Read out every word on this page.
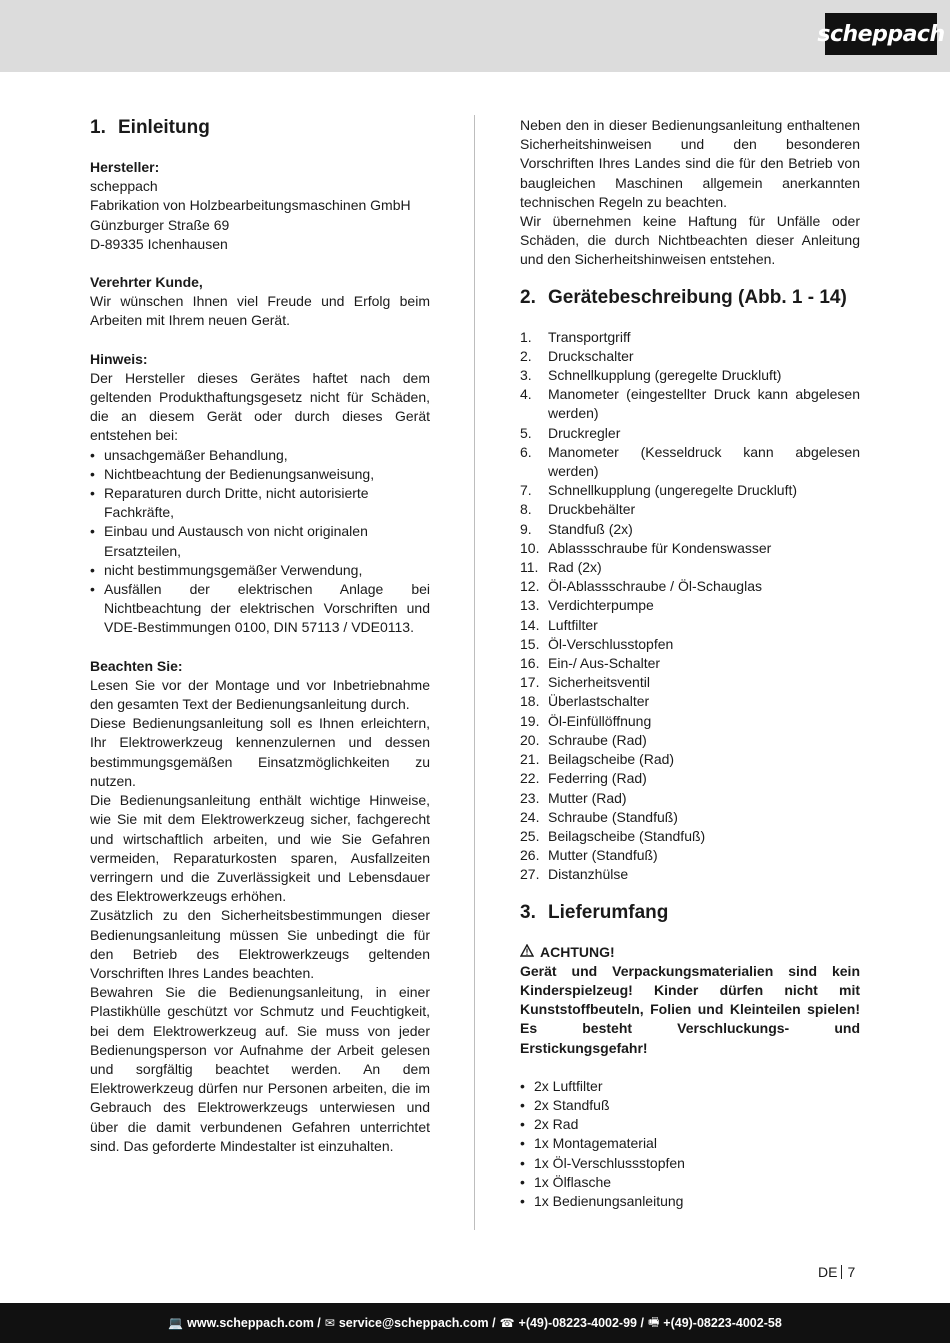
scheppach
1. Einleitung
Hersteller:
scheppach
Fabrikation von Holzbearbeitungsmaschinen GmbH
Günzburger Straße 69
D-89335 Ichenhausen
Verehrter Kunde,
Wir wünschen Ihnen viel Freude und Erfolg beim Arbeiten mit Ihrem neuen Gerät.
Hinweis:
Der Hersteller dieses Gerätes haftet nach dem geltenden Produkthaftungsgesetz nicht für Schäden, die an diesem Gerät oder durch dieses Gerät entstehen bei:
• unsachgemäßer Behandlung,
• Nichtbeachtung der Bedienungsanweisung,
• Reparaturen durch Dritte, nicht autorisierte Fachkräfte,
• Einbau und Austausch von nicht originalen Ersatzteilen,
• nicht bestimmungsgemäßer Verwendung,
• Ausfällen der elektrischen Anlage bei Nichtbeachtung der elektrischen Vorschriften und VDE-Bestimmungen 0100, DIN 57113 / VDE0113.
Beachten Sie:
Lesen Sie vor der Montage und vor Inbetriebnahme den gesamten Text der Bedienungsanleitung durch.
Diese Bedienungsanleitung soll es Ihnen erleichtern, Ihr Elektrowerkzeug kennenzulernen und dessen bestimmungsgemäßen Einsatzmöglichkeiten zu nutzen.
Die Bedienungsanleitung enthält wichtige Hinweise, wie Sie mit dem Elektrowerkzeug sicher, fachgerecht und wirtschaftlich arbeiten, und wie Sie Gefahren vermeiden, Reparaturkosten sparen, Ausfallzeiten verringern und die Zuverlässigkeit und Lebensdauer des Elektrowerkzeugs erhöhen.
Zusätzlich zu den Sicherheitsbestimmungen dieser Bedienungsanleitung müssen Sie unbedingt die für den Betrieb des Elektrowerkzeugs geltenden Vorschriften Ihres Landes beachten.
Bewahren Sie die Bedienungsanleitung, in einer Plastikhülle geschützt vor Schmutz und Feuchtigkeit, bei dem Elektrowerkzeug auf. Sie muss von jeder Bedienungsperson vor Aufnahme der Arbeit gelesen und sorgfältig beachtet werden. An dem Elektrowerkzeug dürfen nur Personen arbeiten, die im Gebrauch des Elektrowerkzeugs unterwiesen und über die damit verbundenen Gefahren unterrichtet sind. Das geforderte Mindestalter ist einzuhalten.
Neben den in dieser Bedienungsanleitung enthaltenen Sicherheitshinweisen und den besonderen Vorschriften Ihres Landes sind die für den Betrieb von baugleichen Maschinen allgemein anerkannten technischen Regeln zu beachten.
Wir übernehmen keine Haftung für Unfälle oder Schäden, die durch Nichtbeachten dieser Anleitung und den Sicherheitshinweisen entstehen.
2. Gerätebeschreibung (Abb. 1 - 14)
1.	Transportgriff
2.	Druckschalter
3.	Schnellkupplung (geregelte Druckluft)
4.	Manometer (eingestellter Druck kann abgelesen werden)
5.	Druckregler
6.	Manometer (Kesseldruck kann abgelesen werden)
7.	Schnellkupplung (ungeregelte Druckluft)
8.	Druckbehälter
9.	Standfuß (2x)
10. Ablassschraube für Kondenswasser
11. Rad (2x)
12. Öl-Ablassschraube / Öl-Schauglas
13. Verdichterpumpe
14. Luftfilter
15. Öl-Verschlusstopfen
16. Ein-/ Aus-Schalter
17. Sicherheitsventil
18. Überlastschalter
19. Öl-Einfüllöffnung
20. Schraube (Rad)
21. Beilagscheibe (Rad)
22. Federring (Rad)
23. Mutter (Rad)
24. Schraube (Standfuß)
25. Beilagscheibe (Standfuß)
26. Mutter (Standfuß)
27. Distanzhülse
3. Lieferumfang
ACHTUNG!
Gerät und Verpackungsmaterialien sind kein Kinderspielzeug! Kinder dürfen nicht mit Kunststoffbeuteln, Folien und Kleinteilen spielen! Es besteht Verschluckungs- und Erstickungsgefahr!
• 2x Luftfilter
• 2x Standfuß
• 2x Rad
• 1x Montagematerial
• 1x Öl-Verschlussstopfen
• 1x Ölflasche
• 1x Bedienungsanleitung
DE 7
💻 www.scheppach.com / ✉ service@scheppach.com / ☎ +(49)-08223-4002-99 / 🖷 +(49)-08223-4002-58
